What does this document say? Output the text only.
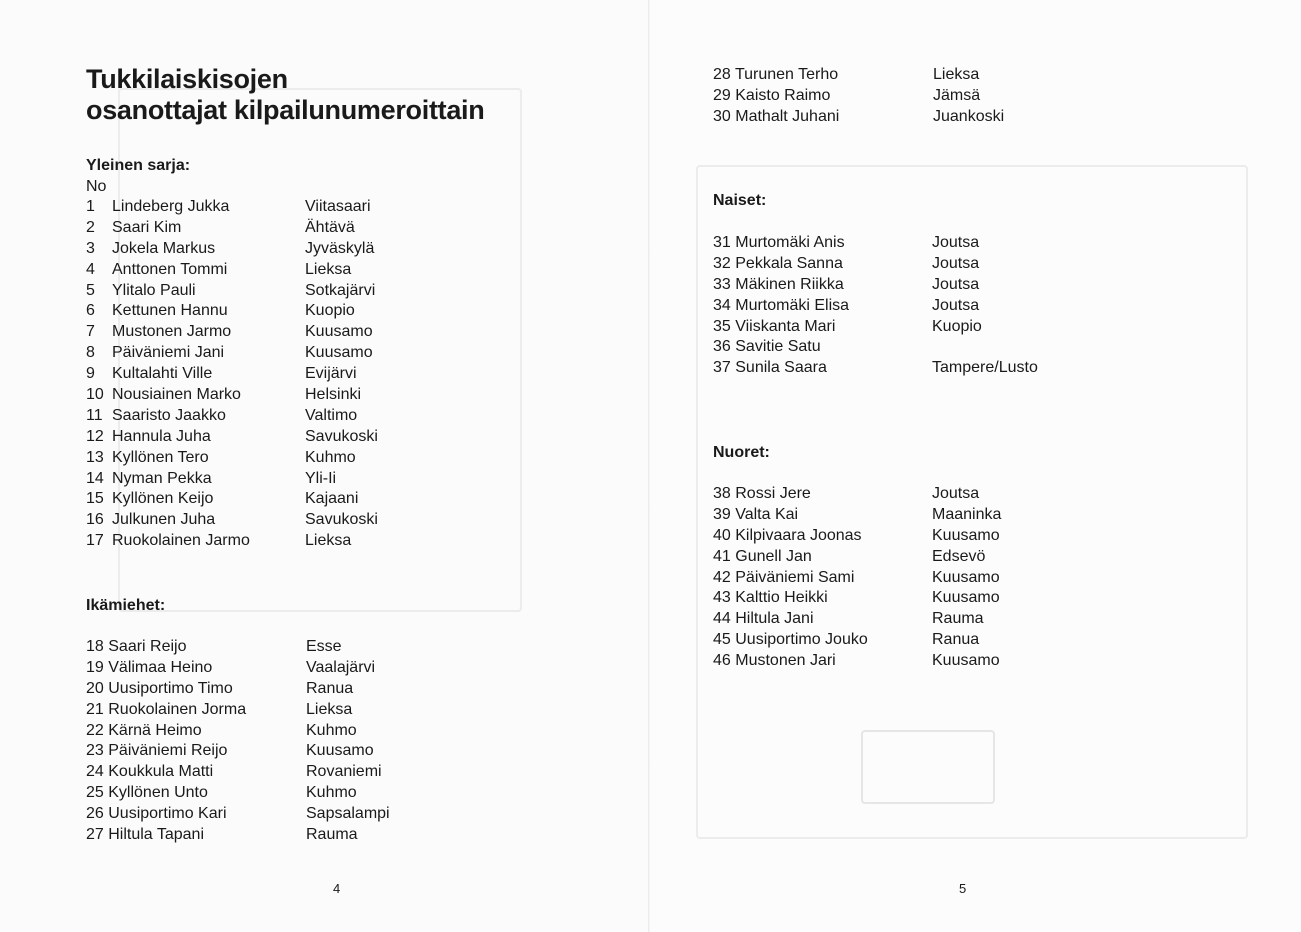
Tukkilaiskisojen
osanottajat kilpailunumeroittain
Yleinen sarja:
No
1 Lindeberg Jukka	Viitasaari
2 Saari Kim	Ähtävä
3 Jokela Markus	Jyväskylä
4 Anttonen Tommi	Lieksa
5 Ylitalo Pauli	Sotkajärvi
6 Kettunen Hannu	Kuopio
7 Mustonen Jarmo	Kuusamo
8 Päiväniemi Jani	Kuusamo
9 Kultalahti Ville	Evijärvi
10 Nousiainen Marko	Helsinki
11 Saaristo Jaakko	Valtimo
12 Hannula Juha	Savukoski
13 Kyllönen Tero	Kuhmo
14 Nyman Pekka	Yli-Ii
15 Kyllönen Keijo	Kajaani
16 Julkunen Juha	Savukoski
17 Ruokolainen Jarmo	Lieksa
Ikämiehet:
18 Saari Reijo	Esse
19 Välimaa Heino	Vaalajärvi
20 Uusiportimo Timo	Ranua
21 Ruokolainen Jorma	Lieksa
22 Kärnä Heimo	Kuhmo
23 Päiväniemi Reijo	Kuusamo
24 Koukkula Matti	Rovaniemi
25 Kyllönen Unto	Kuhmo
26 Uusiportimo Kari	Sapsalampi
27 Hiltula Tapani	Rauma
4
28 Turunen Terho	Lieksa
29 Kaisto Raimo	Jämsä
30 Mathalt Juhani	Juankoski
Naiset:
31 Murtomäki Anis	Joutsa
32 Pekkala Sanna	Joutsa
33 Mäkinen Riikka	Joutsa
34 Murtomäki Elisa	Joutsa
35 Viiskanta Mari	Kuopio
36 Savitie Satu
37 Sunila Saara	Tampere/Lusto
Nuoret:
38 Rossi Jere	Joutsa
39 Valta Kai	Maaninka
40 Kilpivaara Joonas	Kuusamo
41 Gunell Jan	Edsevö
42 Päiväniemi Sami	Kuusamo
43 Kalttio Heikki	Kuusamo
44 Hiltula Jani	Rauma
45 Uusiportimo Jouko	Ranua
46 Mustonen Jari	Kuusamo
5
